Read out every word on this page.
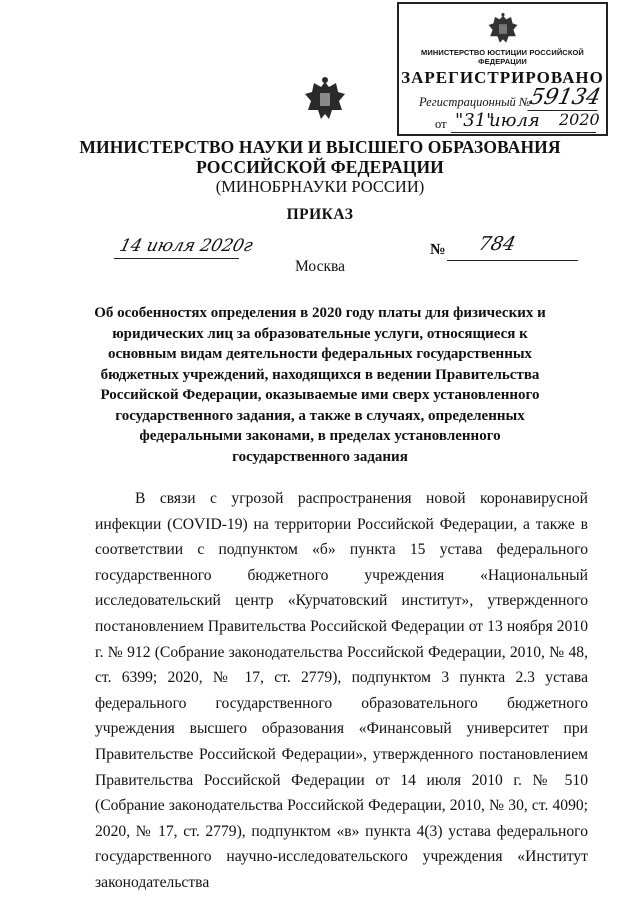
МИНИСТЕРСТВО ЮСТИЦИИ РОССИЙСКОЙ ФЕДЕРАЦИИ
ЗАРЕГИСТРИРОВАНО
Регистрационный №
59134
от "31"
июля 2020
МИНИСТЕРСТВО НАУКИ И ВЫСШЕГО ОБРАЗОВАНИЯ
РОССИЙСКОЙ ФЕДЕРАЦИИ
(МИНОБРНАУКИ РОССИИ)
ПРИКАЗ
14 июля 2020г	№ 784
Москва
Об особенностях определения в 2020 году платы для физических и юридических лиц за образовательные услуги, относящиеся к основным видам деятельности федеральных государственных бюджетных учреждений, находящихся в ведении Правительства Российской Федерации, оказываемые ими сверх установленного государственного задания, а также в случаях, определенных федеральными законами, в пределах установленного государственного задания

В связи с угрозой распространения новой коронавирусной инфекции (COVID-19) на территории Российской Федерации, а также в соответствии с подпунктом «б» пункта 15 устава федерального государственного бюджетного учреждения «Национальный исследовательский центр «Курчатовский институт», утвержденного постановлением Правительства Российской Федерации от 13 ноября 2010 г. № 912 (Собрание законодательства Российской Федерации, 2010, № 48, ст. 6399; 2020, № 17, ст. 2779), подпунктом 3 пункта 2.3 устава федерального государственного образовательного бюджетного учреждения высшего образования «Финансовый университет при Правительстве Российской Федерации», утвержденного постановлением Правительства Российской Федерации от 14 июля 2010 г. № 510 (Собрание законодательства Российской Федерации, 2010, № 30, ст. 4090; 2020, № 17, ст. 2779), подпунктом «в» пункта 4(3) устава федерального государственного научно-исследовательского учреждения «Институт законодательства
